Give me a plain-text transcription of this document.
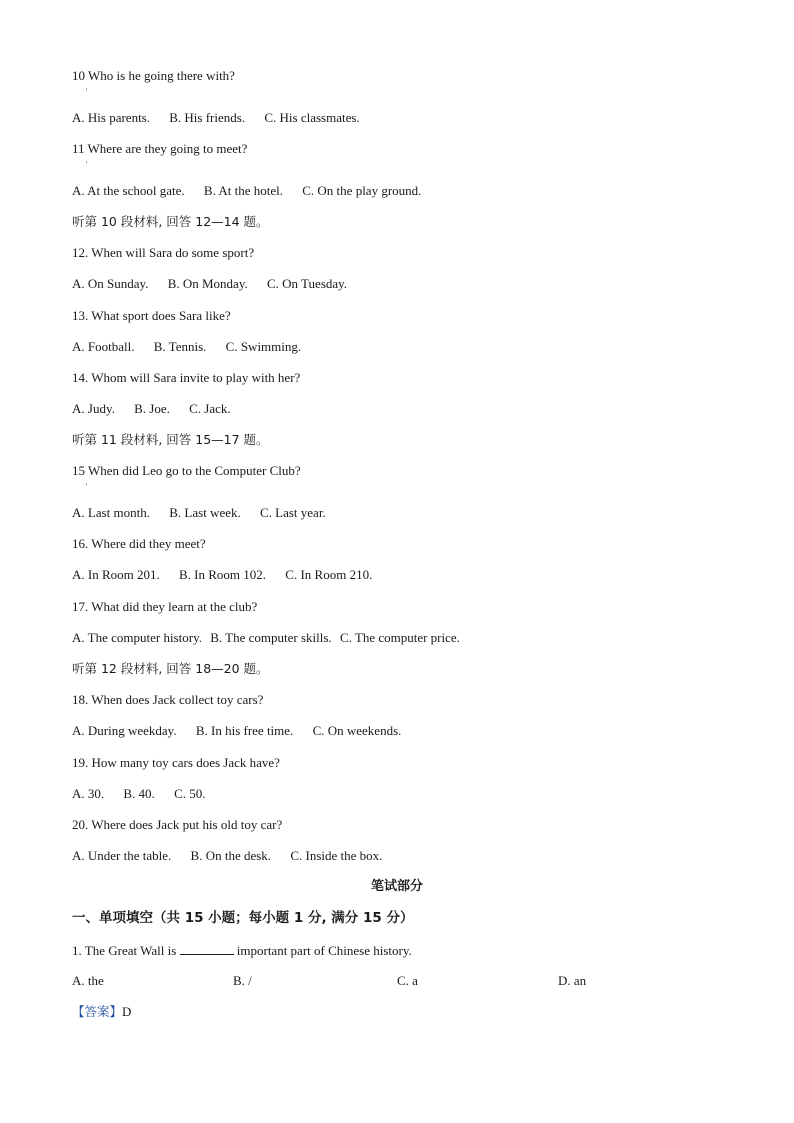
10 Who is he going there with?
'
A. His parents. B. His friends. C. His classmates.
11 Where are they going to meet?
'
A. At the school gate. B. At the hotel. C. On the play ground.
听第 10 段材料, 回答 12—14 题。
12. When will Sara do some sport?
A. On Sunday. B. On Monday. C. On Tuesday.
13. What sport does Sara like?
A. Football. B. Tennis. C. Swimming.
14. Whom will Sara invite to play with her?
A. Judy. B. Joe. C. Jack.
听第 11 段材料, 回答 15—17 题。
15 When did Leo go to the Computer Club?
'
A. Last month. B. Last week. C. Last year.
16. Where did they meet?
A. In Room 201. B. In Room 102. C. In Room 210.
17. What did they learn at the club?
A. The computer history. B. The computer skills. C. The computer price.
听第 12 段材料, 回答 18—20 题。
18. When does Jack collect toy cars?
A. During weekday. B. In his free time. C. On weekends.
19. How many toy cars does Jack have?
A. 30. B. 40. C. 50.
20. Where does Jack put his old toy car?
A. Under the table. B. On the desk. C. Inside the box.
笔试部分
一、单项填空（共 15 小题；每小题 1 分, 满分 15 分）
1. The Great Wall is	important part of Chinese history.
A. the	B. /	C. a	D. an
【答案】D
